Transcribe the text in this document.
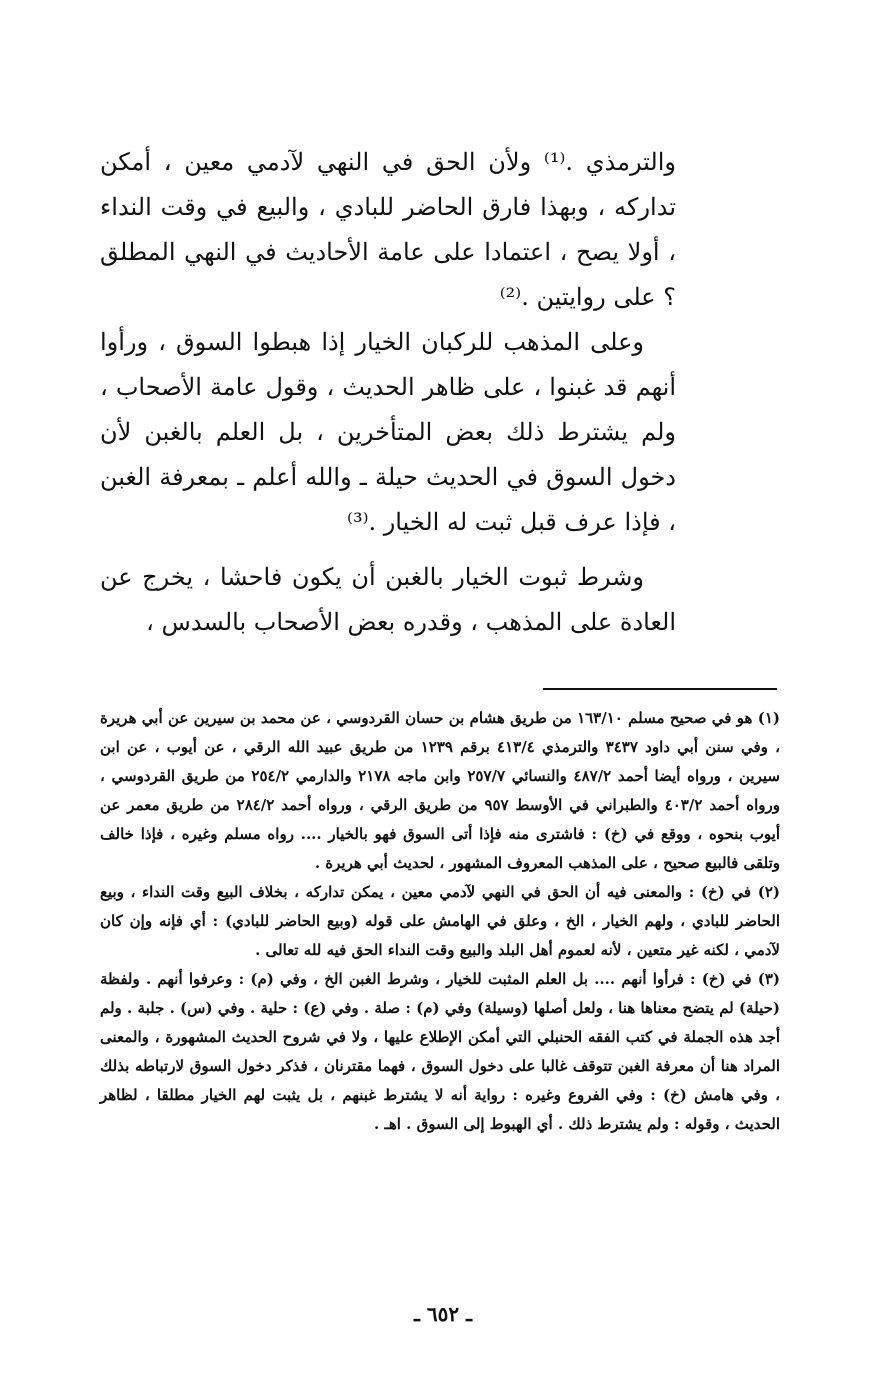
والترمذي .⁽¹⁾ ولأن الحق في النهي لآدمي معين ، أمكن تداركه ، وبهذا فارق الحاضر للبادي ، والبيع في وقت النداء ، أولا يصح ، اعتمادا على عامة الأحاديث في النهي المطلق ؟ على روايتين .⁽²⁾

وعلى المذهب للركبان الخيار إذا هبطوا السوق ، ورأوا أنهم قد غبنوا ، على ظاهر الحديث ، وقول عامة الأصحاب ، ولم يشترط ذلك بعض المتأخرين ، بل العلم بالغبن لأن دخول السوق في الحديث حيلة ـ والله أعلم ـ بمعرفة الغبن ، فإذا عرف قبل ثبت له الخيار .⁽³⁾

وشرط ثبوت الخيار بالغبن أن يكون فاحشا ، يخرج عن العادة على المذهب ، وقدره بعض الأصحاب بالسدس ،

(١) هو في صحيح مسلم ١٦٣/١٠ من طريق هشام بن حسان القردوسي ، عن محمد بن سيرين عن أبي هريرة ، وفي سنن أبي داود ٣٤٣٧ والترمذي ٤١٣/٤ برقم ١٢٣٩ من طريق عبيد الله الرقي ، عن أيوب ، عن ابن سيرين ، ورواه أيضا أحمد ٤٨٧/٢ والنسائي ٢٥٧/٧ وابن ماجه ٢١٧٨ والدارمي ٢٥٤/٢ من طريق القردوسي ، ورواه أحمد ٤٠٣/٢ والطبراني في الأوسط ٩٥٧ من طريق الرقي ، ورواه أحمد ٢٨٤/٢ من طريق معمر عن أيوب بنحوه ، ووقع في (خ) : فاشترى منه فإذا أتى السوق فهو بالخيار .... رواه مسلم وغيره ، فإذا خالف وتلقى فالبيع صحيح ، على المذهب المعروف المشهور ، لحديث أبي هريرة .

(٢) في (خ) : والمعنى فيه أن الحق في النهي لآدمي معين ، يمكن تداركه ، بخلاف البيع وقت النداء ، وبيع الحاضر للبادي ، ولهم الخيار ، الخ ، وعلق في الهامش على قوله (وبيع الحاضر للبادي) : أي فإنه وإن كان لآدمي ، لكنه غير متعين ، لأنه لعموم أهل البلد والبيع وقت النداء الحق فيه لله تعالى .

(٣) في (خ) : فرأوا أنهم .... بل العلم المثبت للخيار ، وشرط الغبن الخ ، وفي (م) : وعرفوا أنهم . ولفظة (حيلة) لم يتضح معناها هنا ، ولعل أصلها (وسيلة) وفي (م) : صلة . وفي (ع) : حلية . وفي (س) . جلبة . ولم أجد هذه الجملة في كتب الفقه الحنبلي التي أمكن الإطلاع عليها ، ولا في شروح الحديث المشهورة ، والمعنى المراد هنا أن معرفة الغبن تتوقف غالبا على دخول السوق ، فهما مقترنان ، فذكر دخول السوق لارتباطه بذلك ، وفي هامش (خ) : وفي الفروع وغيره : رواية أنه لا يشترط غبنهم ، بل يثبت لهم الخيار مطلقا ، لظاهر الحديث ، وقوله : ولم يشترط ذلك . أي الهبوط إلى السوق . اهـ .

ـ ٦٥٢ ـ
